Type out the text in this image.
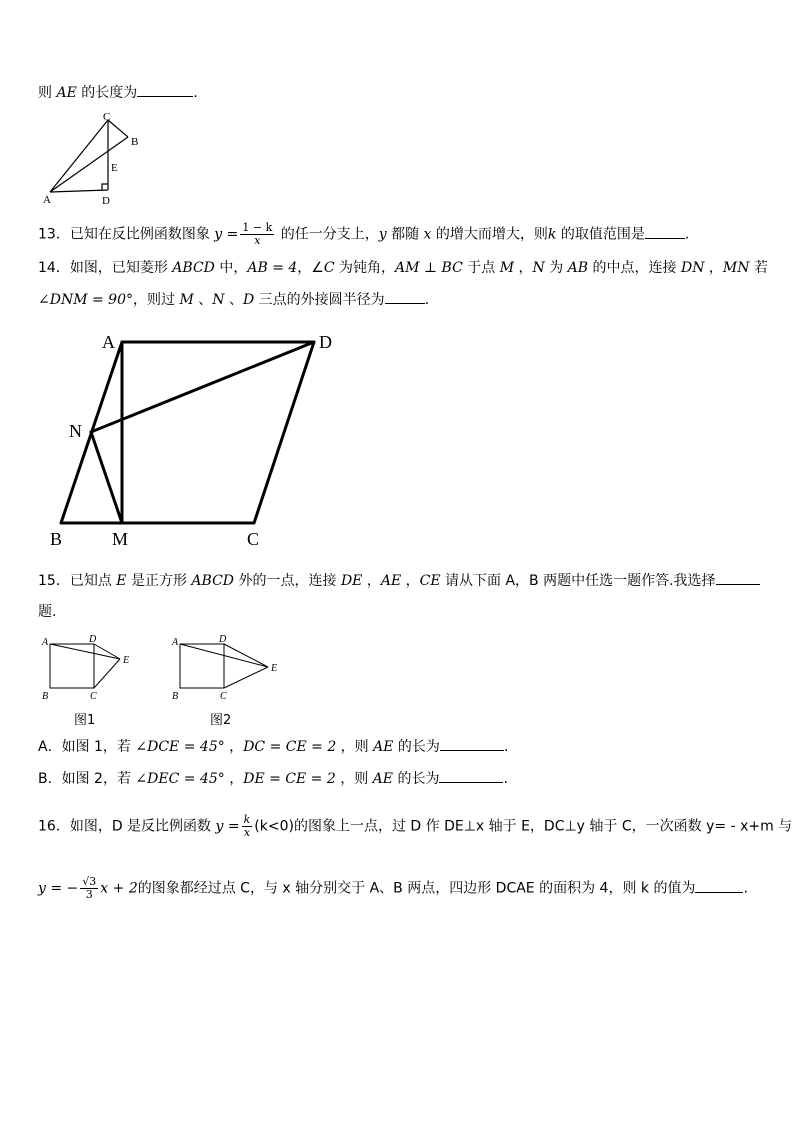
则 AE 的长度为	.
C
B
E
A	D
13．已知在反比例函数图象 $y = \frac{1 - k}{x}$ 的任一分支上，y 都随 x 的增大而增大，则k 的取值范围是	.
14．如图，已知菱形 ABCD 中，AB = 4，∠C 为钝角，AM ⊥ BC 于点 M ，N 为 AB 的中点，连接 DN ，MN 若
∠DNM = 90°，则过 M 、N 、D 三点的外接圆半径为	.
A	D
N
B	M	C
15．已知点 E 是正方形 ABCD 外的一点，连接 DE ，AE ，CE 请从下面 A，B 两题中任选一题作答.我选择
题.
A	D
E
B	C
图1
A	D
E
B	C
图2
A．如图 1，若 ∠DCE = 45° ，DC = CE = 2 ，则 AE 的长为	.
B．如图 2，若 ∠DEC = 45° ，DE = CE = 2 ，则 AE 的长为	.
16．如图，D 是反比例函数 $y = \frac{k}{x} (k<0)$的图象上一点，过 D 作 DE⊥x 轴于 E，DC⊥y 轴于 C，一次函数 y= - x+m 与
y = − $\frac{√3}{3}$ x + 2的图象都经过点 C，与 x 轴分别交于 A、B 两点，四边形 DCAE 的面积为 4，则 k 的值为	.
